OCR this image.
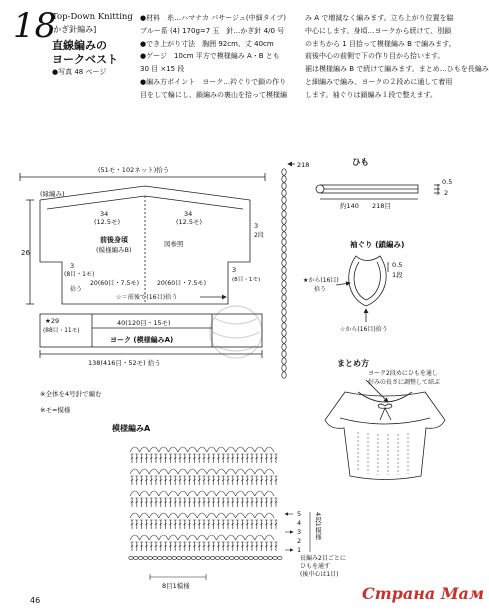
18
Top-Down Knitting
[かぎ針編み]
直線編みの
ヨークベスト
●写真 48 ページ
●材料　糸…ハマナカ パサージュ(中細タイプ)
ブルー系 (4) 170g=7 玉　針…かぎ針 4/0 号
●でき上がり寸法　胸囲 92cm、丈 40cm
●ゲージ　10cm 平方で模様編み A・B とも
30 目 ×15 段
●編み方ポイント　ヨーク…衿ぐりで鎖の作り
目をして輪にし、鎖編みの裏山を拾って模様編
み A で増減なく編みます。立ち上がり位置を脇
中心にします。身頃…ヨークから続けて、別鎖
のまちから 1 目拾って模様編み B で編みます。
前後中心の前側で下の作り目から拾います。
裾は模様編み B で続けて編みます。まとめ…ひもを長編み
と細編みで編み、ヨークの２段めに通して着用
します。袖ぐりは鎖編み１段で整えます。
(51モ・102ネット)拾う
(縁編み)
34
(12.5モ)
34
(12.5モ)
前後身頃
(模様編みB)
図参照
26
3
(8目・1モ)
拾う
20(60目・7.5モ)	20(60目・7.5モ)
3
2段
3
(8目・1モ)
☆＝前後で(16目)拾う
★29
(88目・11モ)
40(120目・15モ)
ヨーク (模様編みA)
138(416目・52モ) 拾う
218
※全体を4号針で編む
※モ=模様
ひも
0.5
2
約140 218目
袖ぐり (鎖編み)
0.5
1段
★から(16目)
拾う
☆から(16目)拾う
まとめ方
ヨーク2段めにひもを通し
好みの長さに調整して結ぶ
模様編みA
5
4
3
2
1
4段1模様
長編み2目ごとに
ひもを通す
(後中心は1目)
8目1模様
46	Страна Мам
